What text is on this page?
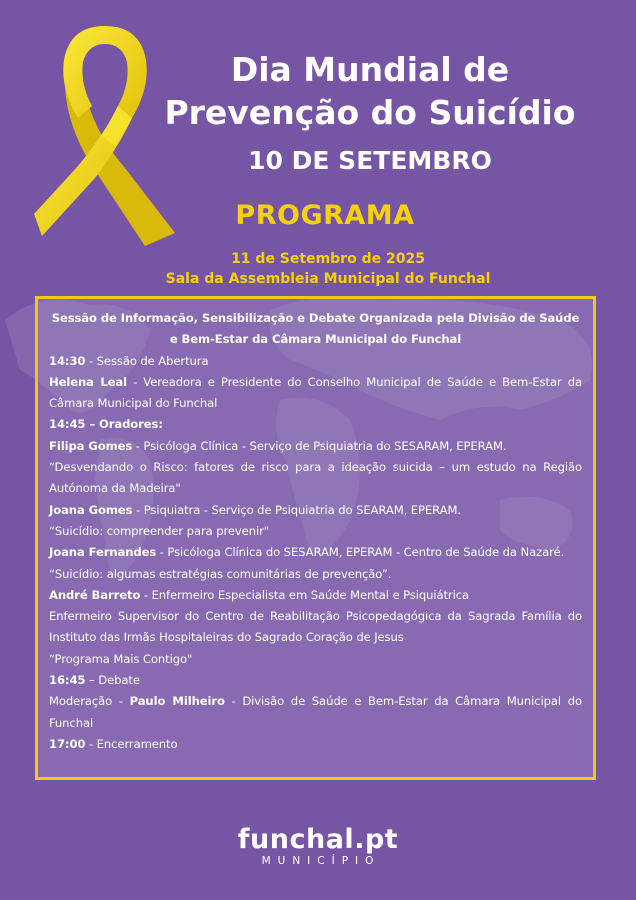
Dia Mundial de
Prevenção do Suicídio
10 DE SETEMBRO
PROGRAMA
11 de Setembro de 2025
Sala da Assembleia Municipal do Funchal

Sessão de Informação, Sensibilização e Debate Organizada pela Divisão de Saúde e Bem-Estar da Câmara Municipal do Funchal

14:30 - Sessão de Abertura

Helena Leal - Vereadora e Presidente do Conselho Municipal de Saúde e Bem-Estar da Câmara Municipal do Funchal

14:45 – Oradores:

Filipa Gomes - Psicóloga Clínica - Serviço de Psiquiatria do SESARAM, EPERAM.

“Desvendando o Risco: fatores de risco para a ideação suicida – um estudo na Região Autónoma da Madeira"

Joana Gomes - Psiquiatra - Serviço de Psiquiatria do SEARAM, EPERAM.

“Suicídio: compreender para prevenir"

Joana Fernandes - Psicóloga Clínica do SESARAM, EPERAM - Centro de Saúde da Nazaré.

“Suicídio: algumas estratégias comunitárias de prevenção”.

André Barreto - Enfermeiro Especialista em Saúde Mental e Psiquiátrica

Enfermeiro Supervisor do Centro de Reabilitação Psicopedagógica da Sagrada Família do Instituto das Irmãs Hospitaleiras do Sagrado Coração de Jesus

“Programa Mais Contigo"

16:45 – Debate

Moderação - Paulo Milheiro - Divisão de Saúde e Bem-Estar da Câmara Municipal do Funchal

17:00 - Encerramento

funchal.pt
MUNICÍPIO
